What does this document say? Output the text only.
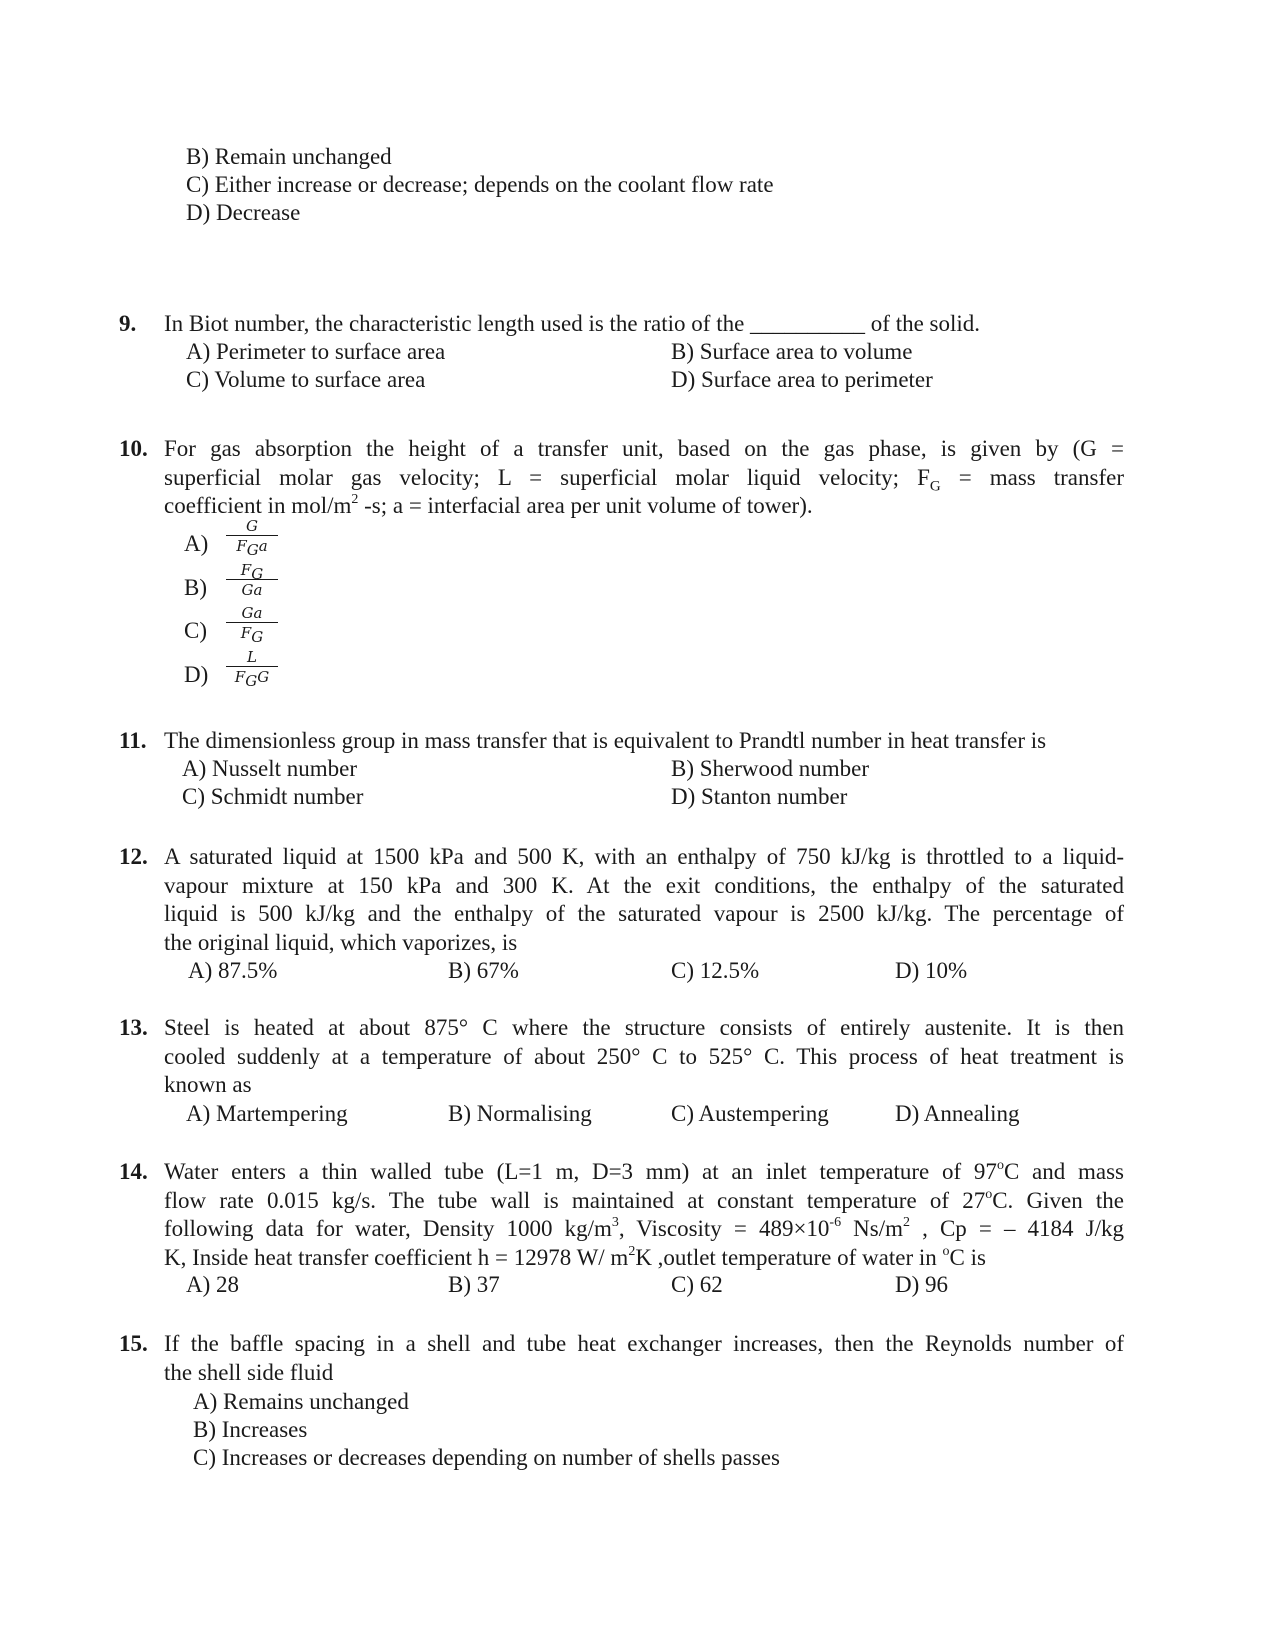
B) Remain unchanged
C) Either increase or decrease; depends on the coolant flow rate
D) Decrease
9. In Biot number, the characteristic length used is the ratio of the __________ of the solid.
A) Perimeter to surface area	B) Surface area to volume
C) Volume to surface area	D) Surface area to perimeter
10. For gas absorption the height of a transfer unit, based on the gas phase, is given by (G =
superficial molar gas velocity; L = superficial molar liquid velocity; $F_G$ = mass transfer
coefficient in mol/$m^2$ -s; a = interfacial area per unit volume of tower).
A)
G
$F_Ga$
B)
$F_G$
Ga
C)
Ga
$F_G$
D)
L
$F_GG$
11. The dimensionless group in mass transfer that is equivalent to Prandtl number in heat transfer is
A) Nusselt number	B) Sherwood number
C) Schmidt number	D) Stanton number
12. A saturated liquid at 1500 kPa and 500 K, with an enthalpy of 750 kJ/kg is throttled to a liquid-
vapour mixture at 150 kPa and 300 K. At the exit conditions, the enthalpy of the saturated
liquid is 500 kJ/kg and the enthalpy of the saturated vapour is 2500 kJ/kg. The percentage of
the original liquid, which vaporizes, is
A) 87.5%	B) 67%	C) 12.5%	D) 10%
13. Steel is heated at about 875° C where the structure consists of entirely austenite. It is then
cooled suddenly at a temperature of about 250° C to 525° C. This process of heat treatment is
known as
A) Martempering	B) Normalising	C) Austempering	D) Annealing
14. Water enters a thin walled tube (L=1 m, D=3 mm) at an inlet temperature of 97$^o$C and mass
flow rate 0.015 kg/s. The tube wall is maintained at constant temperature of 27$^o$C. Given the
following data for water, Density 1000 $kg/m^3$, Viscosity = $489\times 10^{-6}$ $Ns/m^2$ , Cp = – 4184 J/kg
K, Inside heat transfer coefficient h = 12978 W/ $m^2K$ ,outlet temperature of water in $^o$C is
A) 28	B) 37	C) 62	D) 96
15. If the baffle spacing in a shell and tube heat exchanger increases, then the Reynolds number of
the shell side fluid
A) Remains unchanged
B) Increases
C) Increases or decreases depending on number of shells passes
